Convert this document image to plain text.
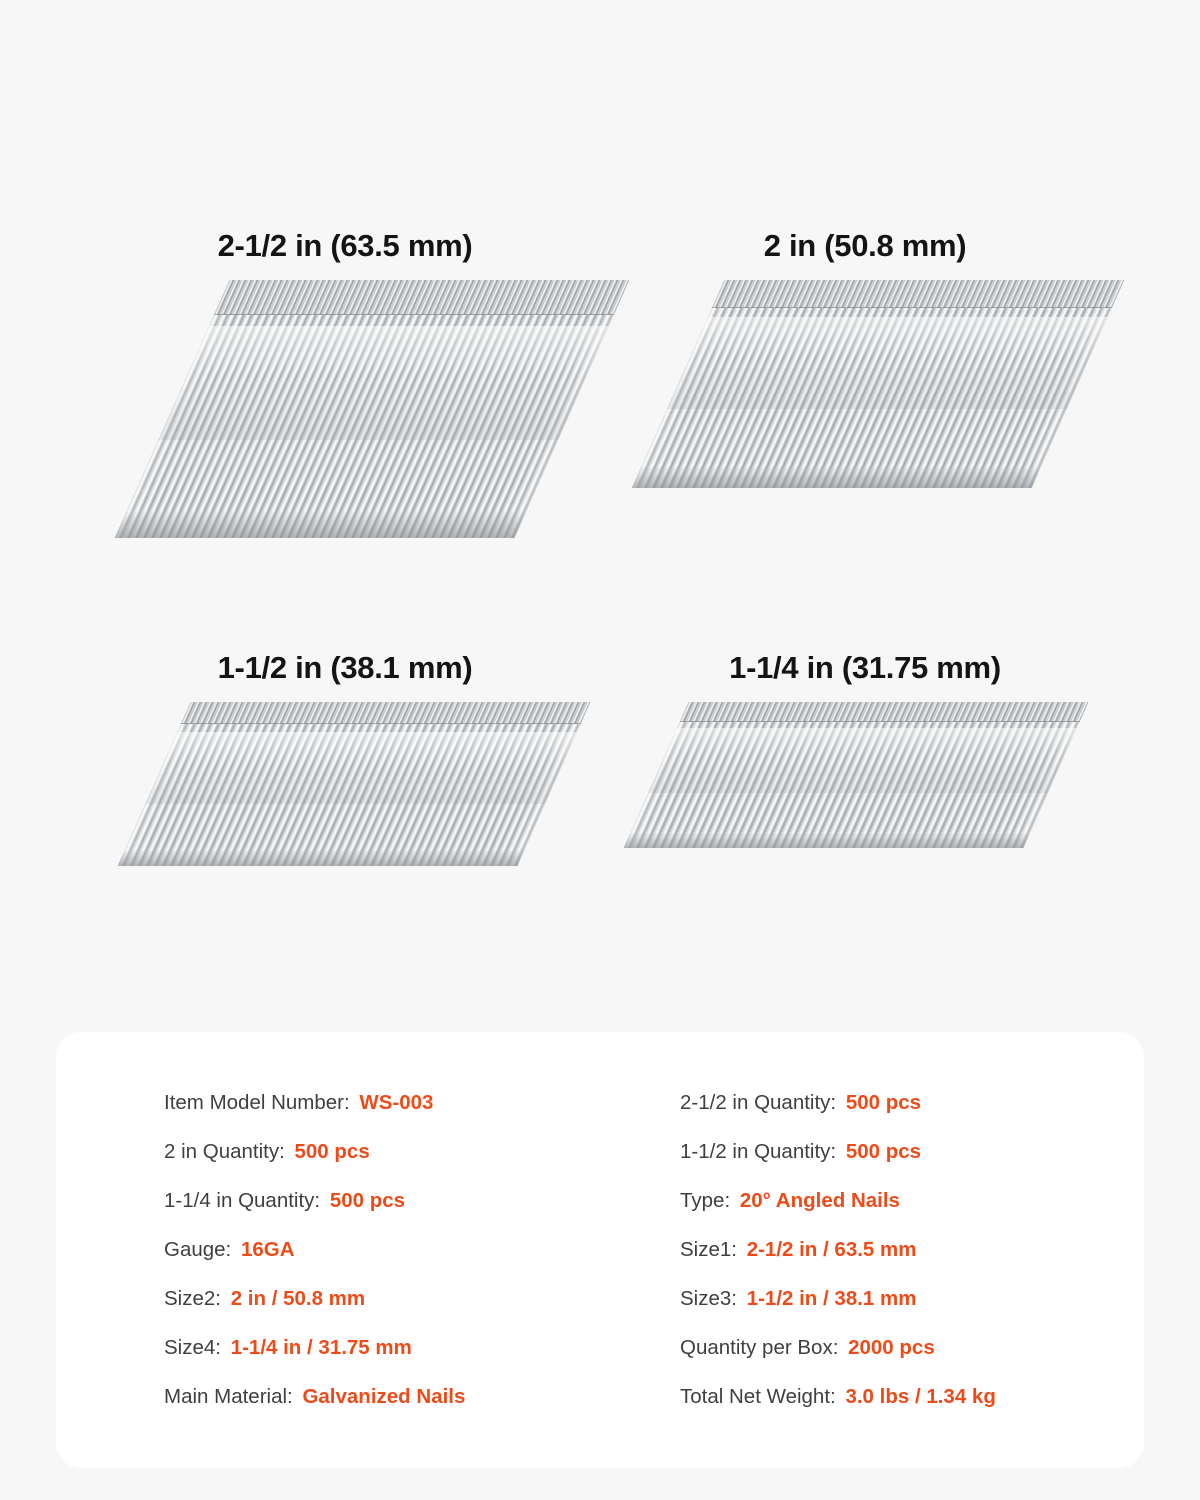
2-1/2 in (63.5 mm)	2 in (50.8 mm)
1-1/2 in (38.1 mm)	1-1/4 in (31.75 mm)
Item Model Number: WS-003
2 in Quantity: 500 pcs
1-1/4 in Quantity: 500 pcs
Gauge: 16GA
Size2: 2 in / 50.8 mm
Size4: 1-1/4 in / 31.75 mm
Main Material: Galvanized Nails
2-1/2 in Quantity: 500 pcs
1-1/2 in Quantity: 500 pcs
Type: 20° Angled Nails
Size1: 2-1/2 in / 63.5 mm
Size3: 1-1/2 in / 38.1 mm
Quantity per Box: 2000 pcs
Total Net Weight: 3.0 lbs / 1.34 kg
